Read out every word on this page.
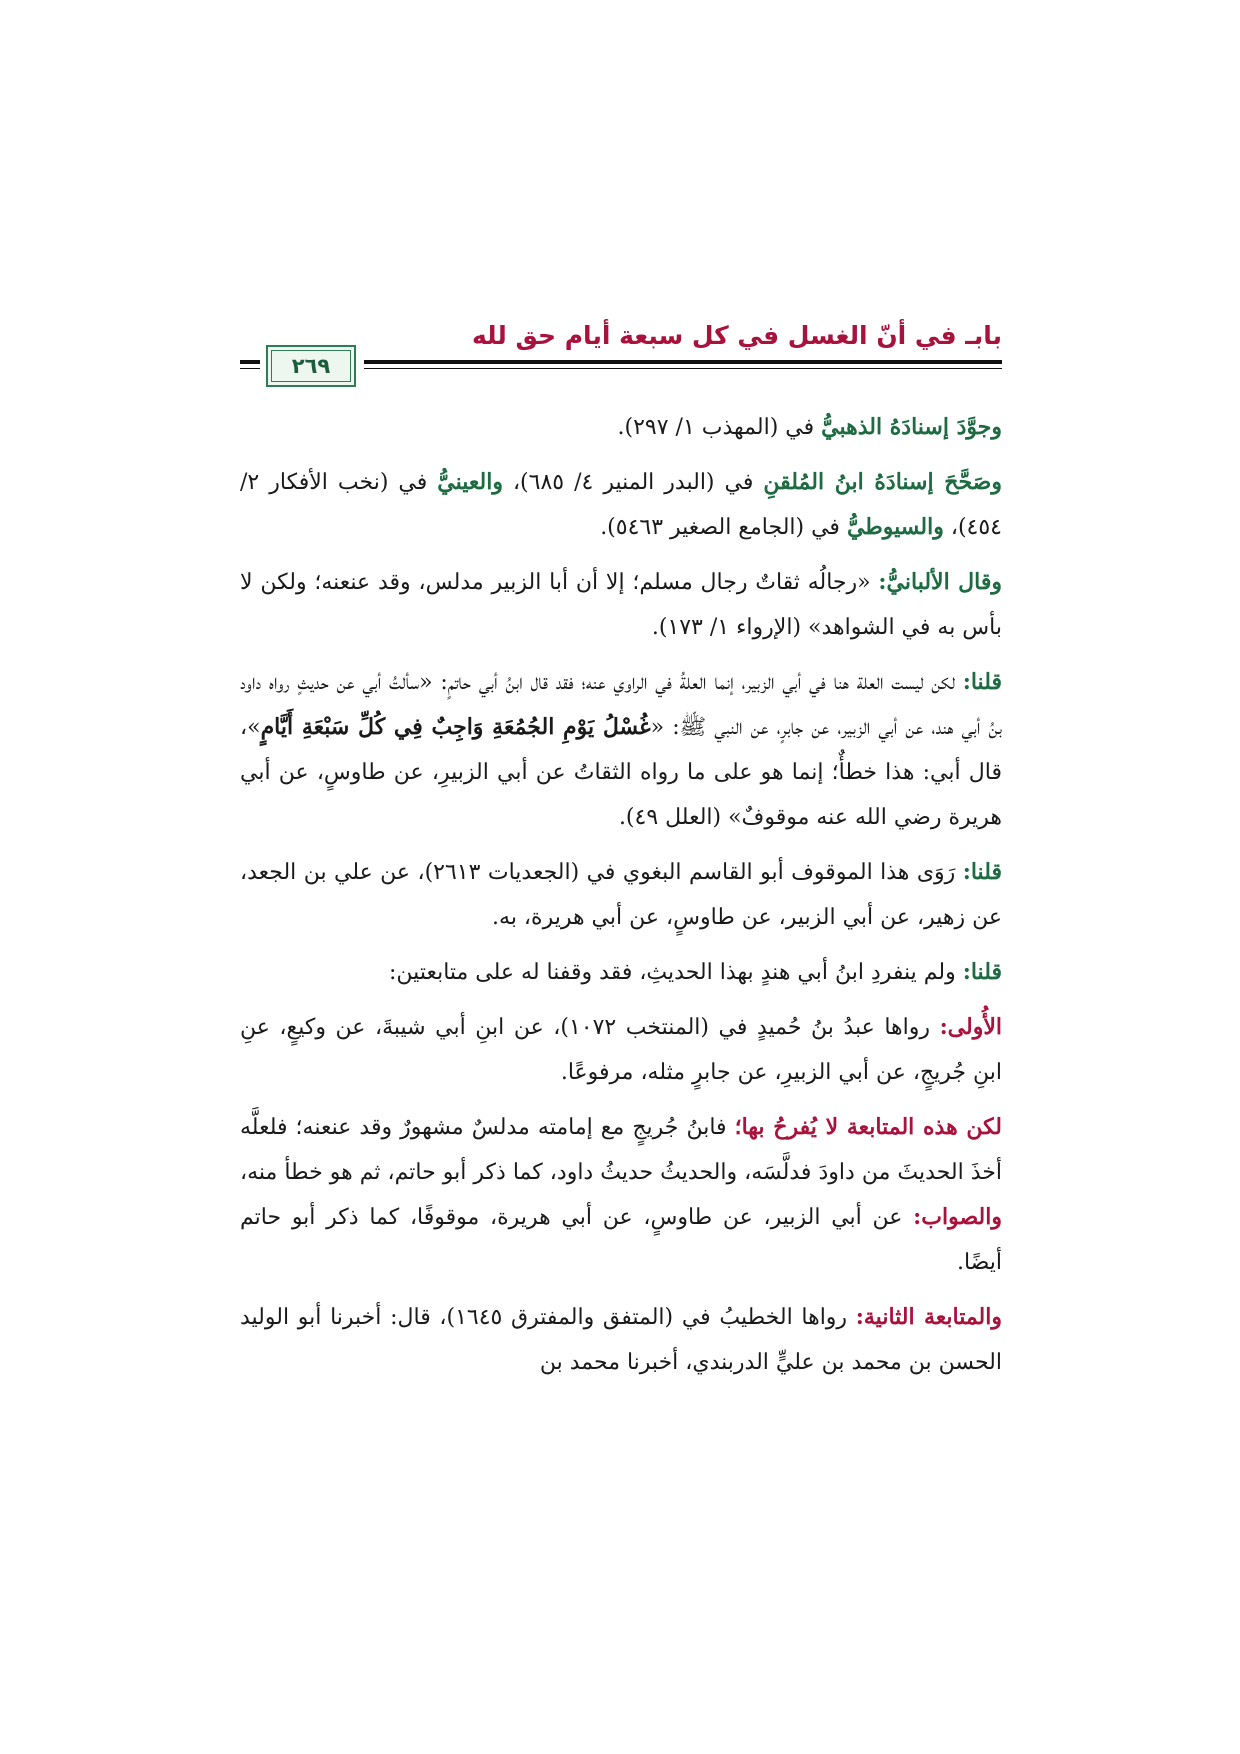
بابـ في أنّ الغسل في كل سبعة أيام حق لله
٢٦٩

وجوَّدَ إسنادَهُ الذهبيُّ في (المهذب ١/ ٢٩٧).

وصَحَّحَ إسنادَهُ ابنُ المُلقنِ في (البدر المنير ٤/ ٦٨٥)، والعينيُّ في (نخب الأفكار ٢/ ٤٥٤)، والسيوطيُّ في (الجامع الصغير ٥٤٦٣).

وقال الألبانيُّ: «رجالُه ثقاتٌ رجال مسلم؛ إلا أن أبا الزبير مدلس، وقد عنعنه؛ ولكن لا بأس به في الشواهد» (الإرواء ١/ ١٧٣).

قلنا: لكن ليست العلة هنا في أبي الزبير، إنما العلةُ في الراوي عنه؛ فقد قال ابنُ أبي حاتمٍ: «سألتُ أبي عن حديثٍ رواه داود بنُ أبي هند، عن أبي الزبير، عن جابرٍ، عن النبي ﷺ: «غُسْلُ يَوْمِ الجُمُعَةِ وَاجِبٌ فِي كُلِّ سَبْعَةِ أَيَّامٍ»، قال أبي: هذا خطأٌ؛ إنما هو على ما رواه الثقاتُ عن أبي الزبيرِ، عن طاوسٍ، عن أبي هريرة رضي الله عنه موقوفٌ» (العلل ٤٩).

قلنا: رَوَى هذا الموقوف أبو القاسم البغوي في (الجعديات ٢٦١٣)، عن علي بن الجعد، عن زهير، عن أبي الزبير، عن طاوسٍ، عن أبي هريرة، به.

قلنا: ولم ينفردِ ابنُ أبي هندٍ بهذا الحديثِ، فقد وقفنا له على متابعتين:

الأُولى: رواها عبدُ بنُ حُميدٍ في (المنتخب ١٠٧٢)، عن ابنِ أبي شيبةَ، عن وكيعٍ، عنِ ابنِ جُريجٍ، عن أبي الزبيرِ، عن جابرٍ مثله، مرفوعًا.

لكن هذه المتابعة لا يُفرحُ بها؛ فابنُ جُريجٍ مع إمامته مدلسٌ مشهورٌ وقد عنعنه؛ فلعلَّه أخذَ الحديثَ من داودَ فدلَّسَه، والحديثُ حديثُ داود، كما ذكر أبو حاتم، ثم هو خطأ منه، والصواب: عن أبي الزبير، عن طاوسٍ، عن أبي هريرة، موقوفًا، كما ذكر أبو حاتم أيضًا.

والمتابعة الثانية: رواها الخطيبُ في (المتفق والمفترق ١٦٤٥)، قال: أخبرنا أبو الوليد الحسن بن محمد بن عليٍّ الدربندي، أخبرنا محمد بن
